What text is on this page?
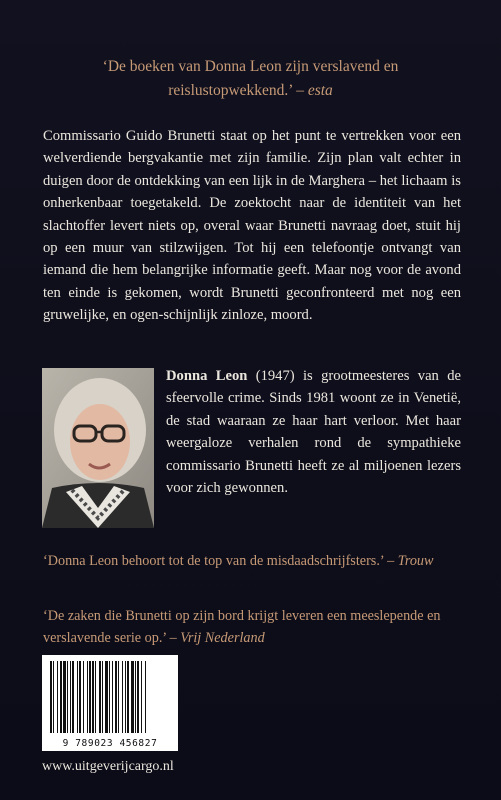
‘De boeken van Donna Leon zijn verslavend en reislustopwekkend.’ – esta
Commissario Guido Brunetti staat op het punt te vertrekken voor een welverdiende bergvakantie met zijn familie. Zijn plan valt echter in duigen door de ontdekking van een lijk in de Marghera – het lichaam is onherkenbaar toegetakeld. De zoektocht naar de identiteit van het slachtoffer levert niets op, overal waar Brunetti navraag doet, stuit hij op een muur van stilzwijgen. Tot hij een telefoontje ontvangt van iemand die hem belangrijke informatie geeft. Maar nog voor de avond ten einde is gekomen, wordt Brunetti geconfronteerd met nog een gruwelijke, en ogen-schijnlijk zinloze, moord.
Donna Leon (1947) is grootmeesteres van de sfeervolle crime. Sinds 1981 woont ze in Venetië, de stad waaraan ze haar hart verloor. Met haar weergaloze verhalen rond de sympathieke commissario Brunetti heeft ze al miljoenen lezers voor zich gewonnen.
‘Donna Leon behoort tot de top van de misdaadschrijfsters.’ – Trouw
‘De zaken die Brunetti op zijn bord krijgt leveren een meeslepende en verslavende serie op.’ – Vrij Nederland
9 789023 456827
www.uitgeverijcargo.nl
